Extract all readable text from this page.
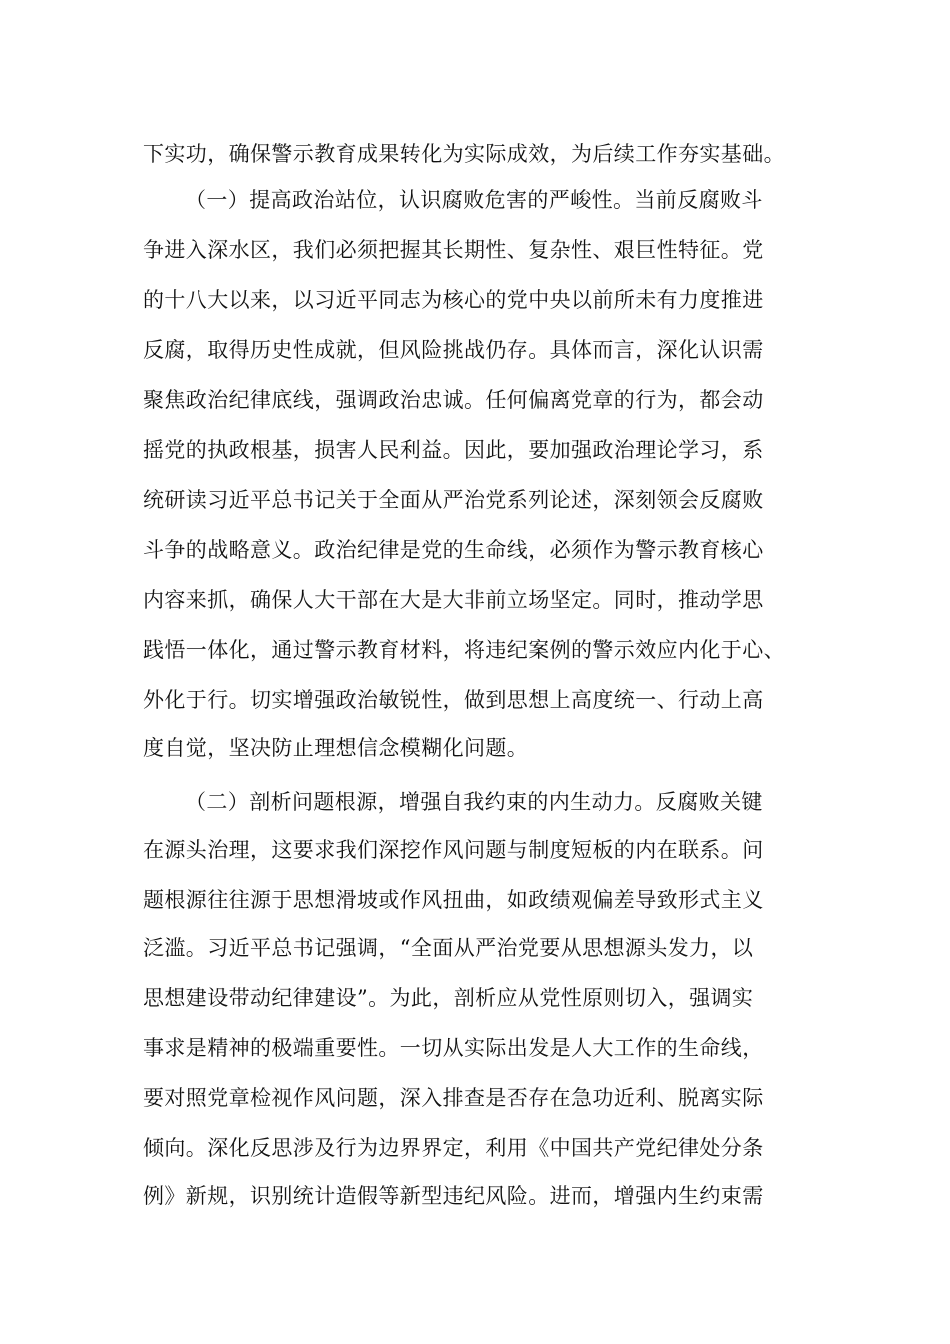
下实功，确保警示教育成果转化为实际成效，为后续工作夯实基础。
（一）提高政治站位，认识腐败危害的严峻性。当前反腐败斗
争进入深水区，我们必须把握其长期性、复杂性、艰巨性特征。党
的十八大以来，以习近平同志为核心的党中央以前所未有力度推进
反腐，取得历史性成就，但风险挑战仍存。具体而言，深化认识需
聚焦政治纪律底线，强调政治忠诚。任何偏离党章的行为，都会动
摇党的执政根基，损害人民利益。因此，要加强政治理论学习，系
统研读习近平总书记关于全面从严治党系列论述，深刻领会反腐败
斗争的战略意义。政治纪律是党的生命线，必须作为警示教育核心
内容来抓，确保人大干部在大是大非前立场坚定。同时，推动学思
践悟一体化，通过警示教育材料，将违纪案例的警示效应内化于心、
外化于行。切实增强政治敏锐性，做到思想上高度统一、行动上高
度自觉，坚决防止理想信念模糊化问题。
（二）剖析问题根源，增强自我约束的内生动力。反腐败关键
在源头治理，这要求我们深挖作风问题与制度短板的内在联系。问
题根源往往源于思想滑坡或作风扭曲，如政绩观偏差导致形式主义
泛滥。习近平总书记强调，“全面从严治党要从思想源头发力，以
思想建设带动纪律建设”。为此，剖析应从党性原则切入，强调实
事求是精神的极端重要性。一切从实际出发是人大工作的生命线，
要对照党章检视作风问题，深入排查是否存在急功近利、脱离实际
倾向。深化反思涉及行为边界界定，利用《中国共产党纪律处分条
例》新规，识别统计造假等新型违纪风险。进而，增强内生约束需
